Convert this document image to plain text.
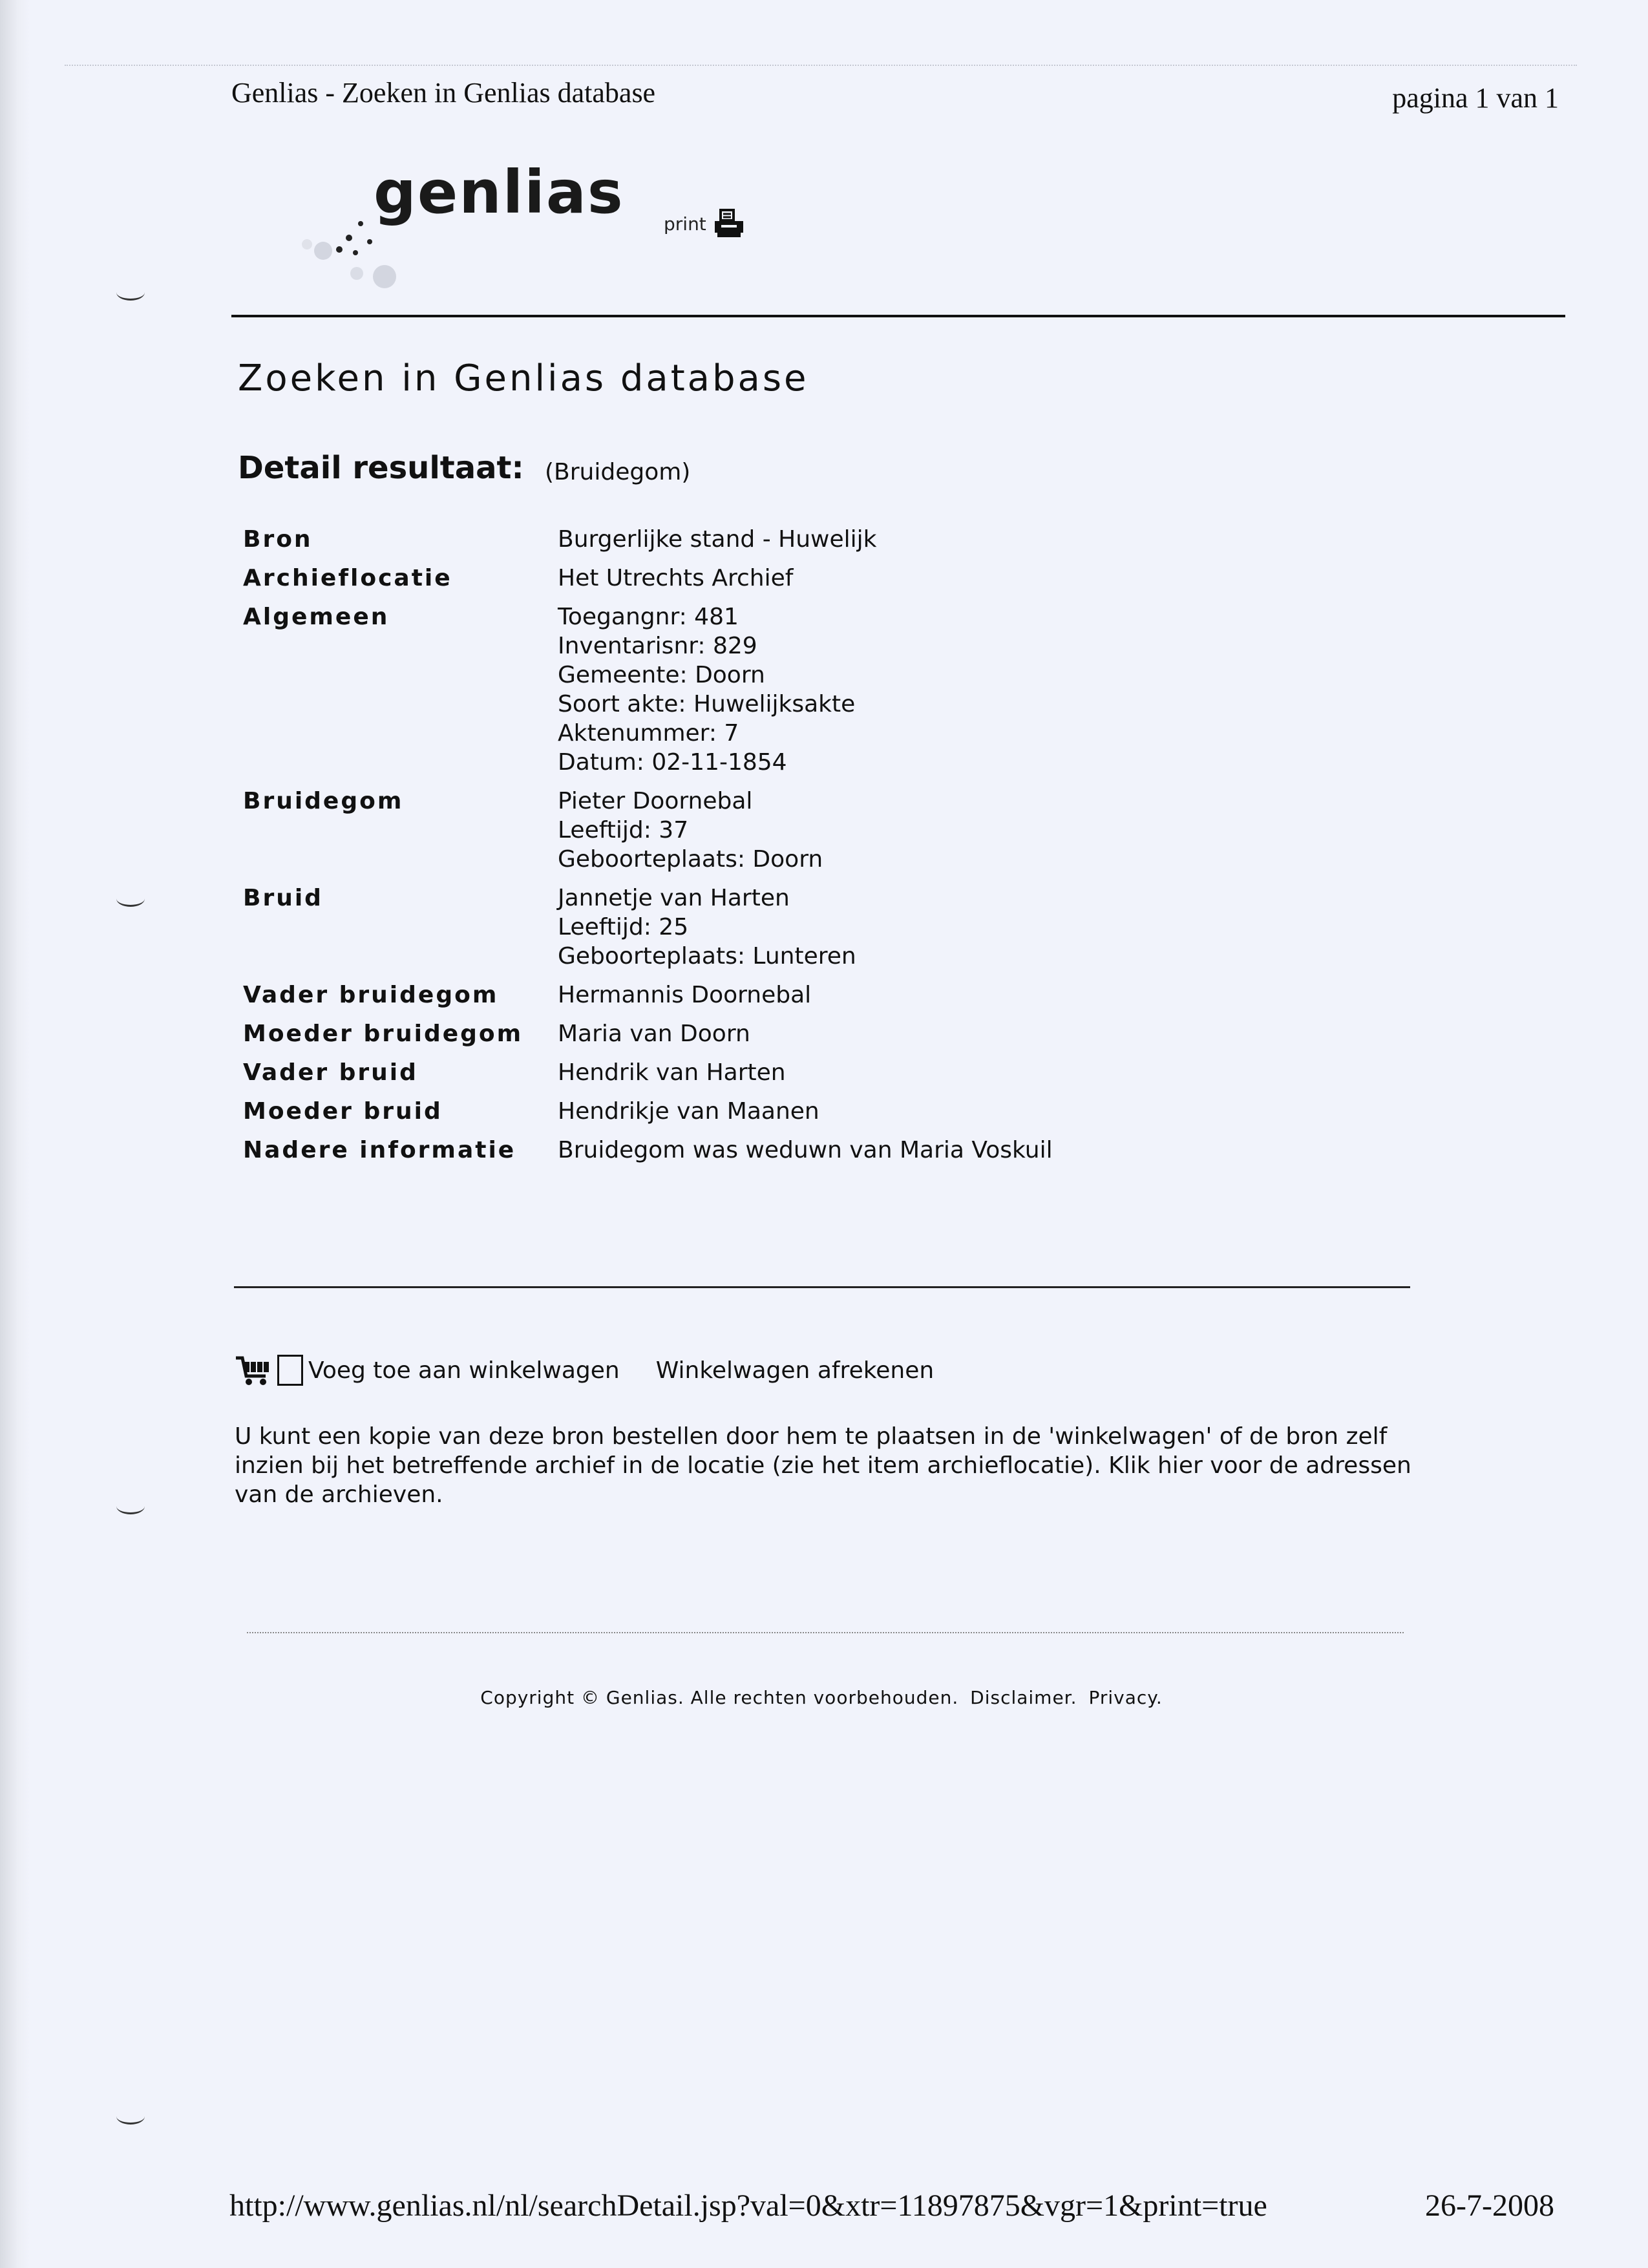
Genlias - Zoeken in Genlias database	pagina 1 van 1
genlias print
Zoeken in Genlias database
Detail resultaat: (Bruidegom)
Bron	Burgerlijke stand - Huwelijk
Archieflocatie	Het Utrechts Archief
Algemeen	Toegangnr: 481
Inventarisnr: 829
Gemeente: Doorn
Soort akte: Huwelijksakte
Aktenummer: 7
Datum: 02-11-1854
Bruidegom	Pieter Doornebal
Leeftijd: 37
Geboorteplaats: Doorn
Bruid	Jannetje van Harten
Leeftijd: 25
Geboorteplaats: Lunteren
Vader bruidegom	Hermannis Doornebal
Moeder bruidegom	Maria van Doorn
Vader bruid	Hendrik van Harten
Moeder bruid	Hendrikje van Maanen
Nadere informatie	Bruidegom was weduwn van Maria Voskuil
Voeg toe aan winkelwagen Winkelwagen afrekenen
U kunt een kopie van deze bron bestellen door hem te plaatsen in de 'winkelwagen' of de bron zelf inzien bij het betreffende archief in de locatie (zie het item archieflocatie). Klik hier voor de adressen van de archieven.
Copyright © Genlias. Alle rechten voorbehouden. Disclaimer. Privacy.
http://www.genlias.nl/nl/searchDetail.jsp?val=0&xtr=11897875&vgr=1&print=true	26-7-2008
